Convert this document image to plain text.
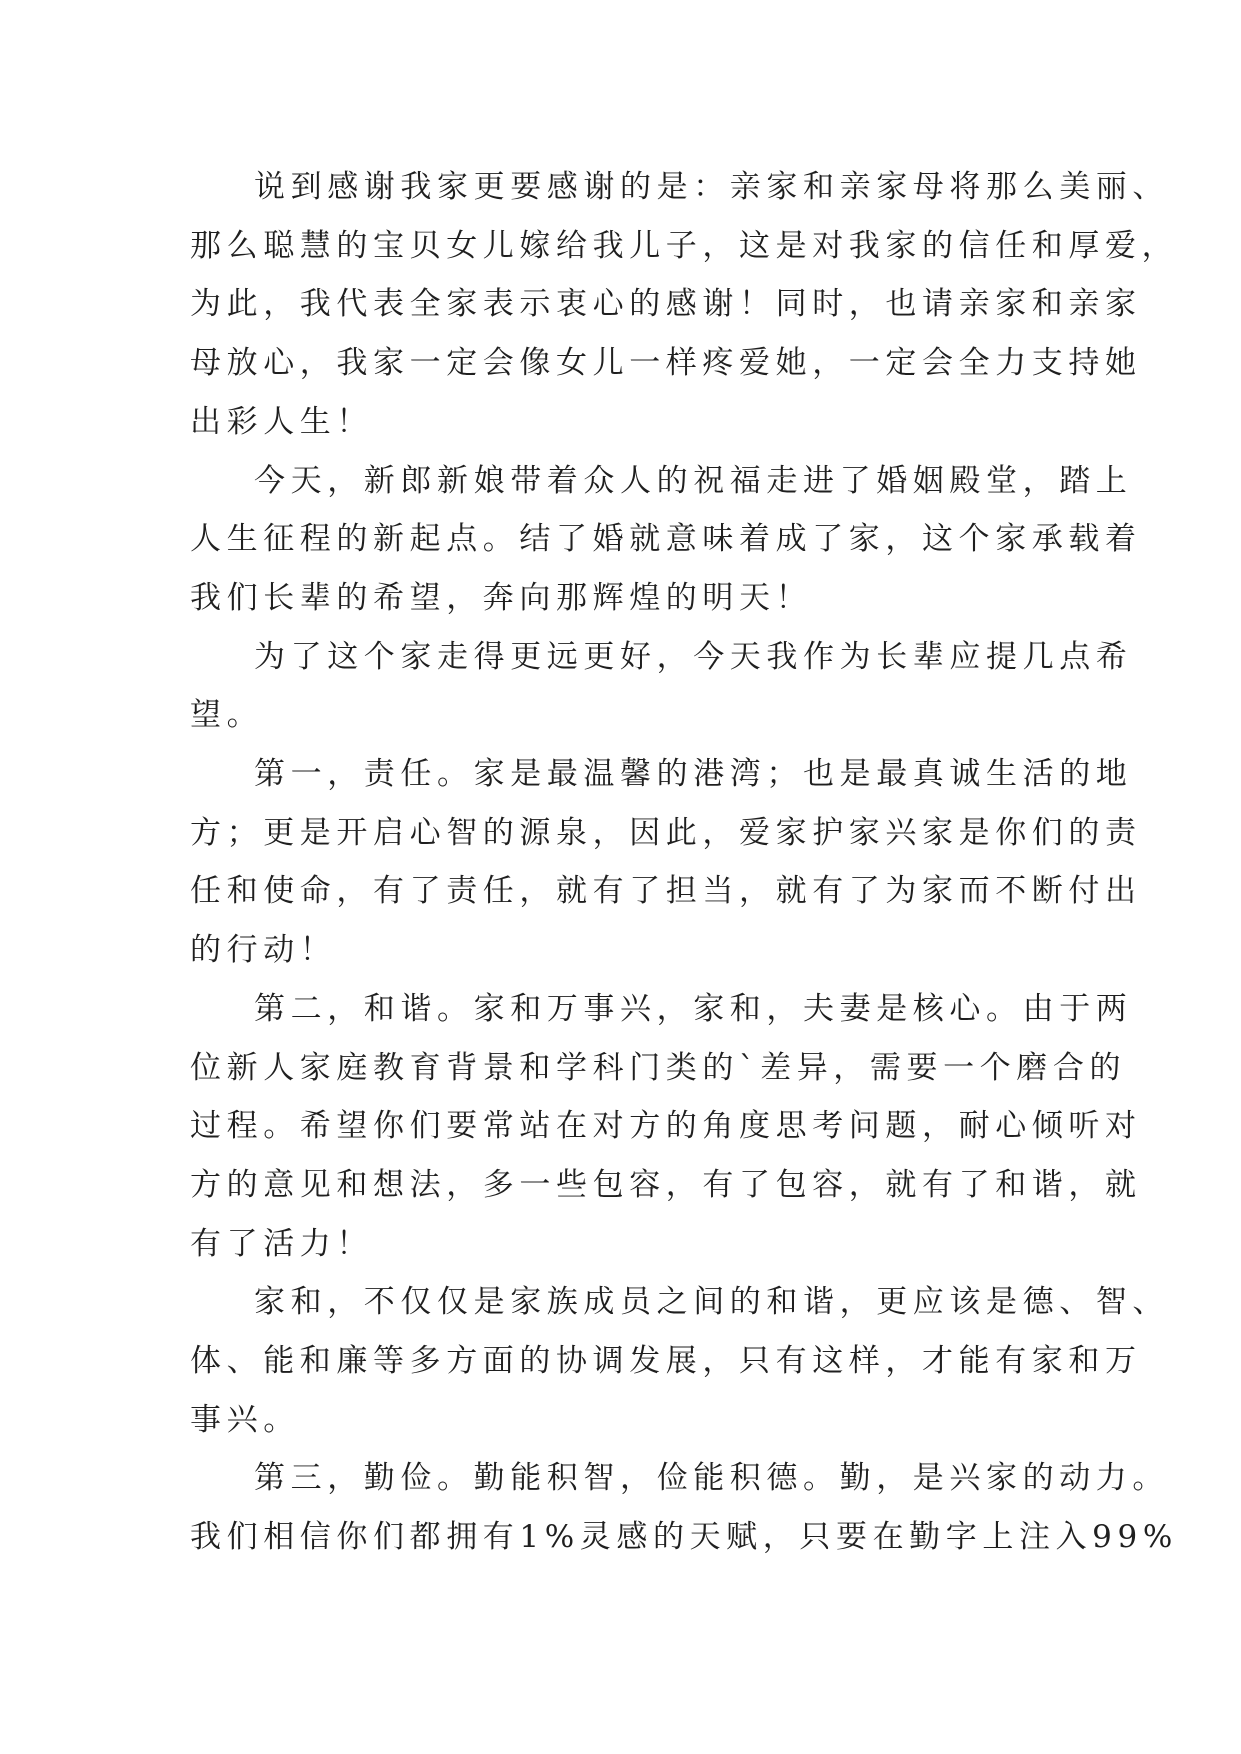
说到感谢我家更要感谢的是：亲家和亲家母将那么美丽、
那么聪慧的宝贝女儿嫁给我儿子，这是对我家的信任和厚爱，
为此，我代表全家表示衷心的感谢！同时，也请亲家和亲家
母放心，我家一定会像女儿一样疼爱她，一定会全力支持她
出彩人生！

今天，新郎新娘带着众人的祝福走进了婚姻殿堂，踏上
人生征程的新起点。结了婚就意味着成了家，这个家承载着
我们长辈的希望，奔向那辉煌的明天！

为了这个家走得更远更好，今天我作为长辈应提几点希
望。

第一，责任。家是最温馨的港湾；也是最真诚生活的地
方；更是开启心智的源泉，因此，爱家护家兴家是你们的责
任和使命，有了责任，就有了担当，就有了为家而不断付出
的行动！

第二，和谐。家和万事兴，家和，夫妻是核心。由于两
位新人家庭教育背景和学科门类的`差异，需要一个磨合的
过程。希望你们要常站在对方的角度思考问题，耐心倾听对
方的意见和想法，多一些包容，有了包容，就有了和谐，就
有了活力！

家和，不仅仅是家族成员之间的和谐，更应该是德、智、
体、能和廉等多方面的协调发展，只有这样，才能有家和万
事兴。

第三，勤俭。勤能积智，俭能积德。勤，是兴家的动力。
我们相信你们都拥有1%灵感的天赋，只要在勤字上注入99%
